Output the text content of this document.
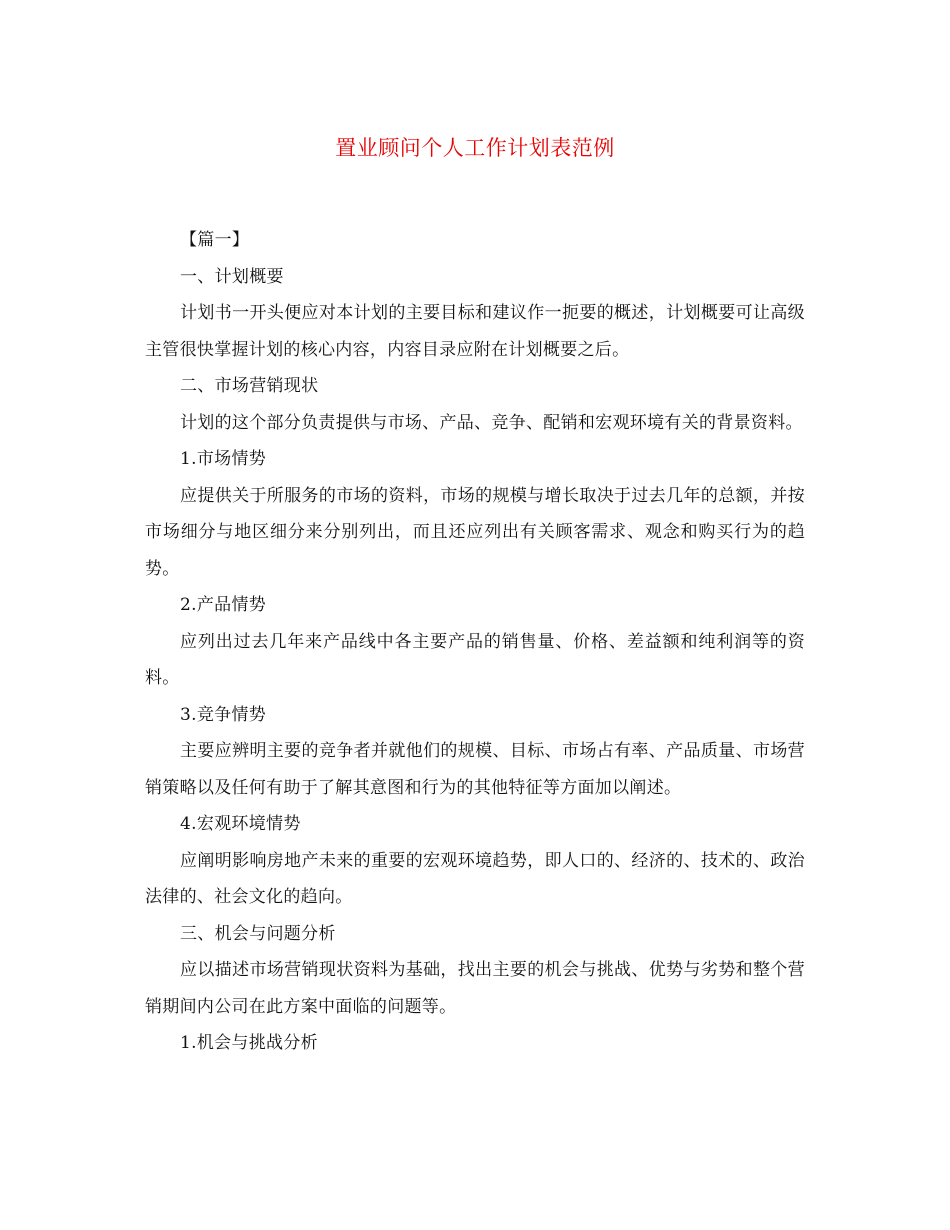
置业顾问个人工作计划表范例

【篇一】

一、计划概要

计划书一开头便应对本计划的主要目标和建议作一扼要的概述，计划概要可让高级主管很快掌握计划的核心内容，内容目录应附在计划概要之后。

二、市场营销现状

计划的这个部分负责提供与市场、产品、竞争、配销和宏观环境有关的背景资料。

1.市场情势

应提供关于所服务的市场的资料，市场的规模与增长取决于过去几年的总额，并按市场细分与地区细分来分别列出，而且还应列出有关顾客需求、观念和购买行为的趋势。

2.产品情势

应列出过去几年来产品线中各主要产品的销售量、价格、差益额和纯利润等的资料。

3.竞争情势

主要应辨明主要的竞争者并就他们的规模、目标、市场占有率、产品质量、市场营销策略以及任何有助于了解其意图和行为的其他特征等方面加以阐述。

4.宏观环境情势

应阐明影响房地产未来的重要的宏观环境趋势，即人口的、经济的、技术的、政治法律的、社会文化的趋向。

三、机会与问题分析

应以描述市场营销现状资料为基础，找出主要的机会与挑战、优势与劣势和整个营销期间内公司在此方案中面临的问题等。

1.机会与挑战分析
